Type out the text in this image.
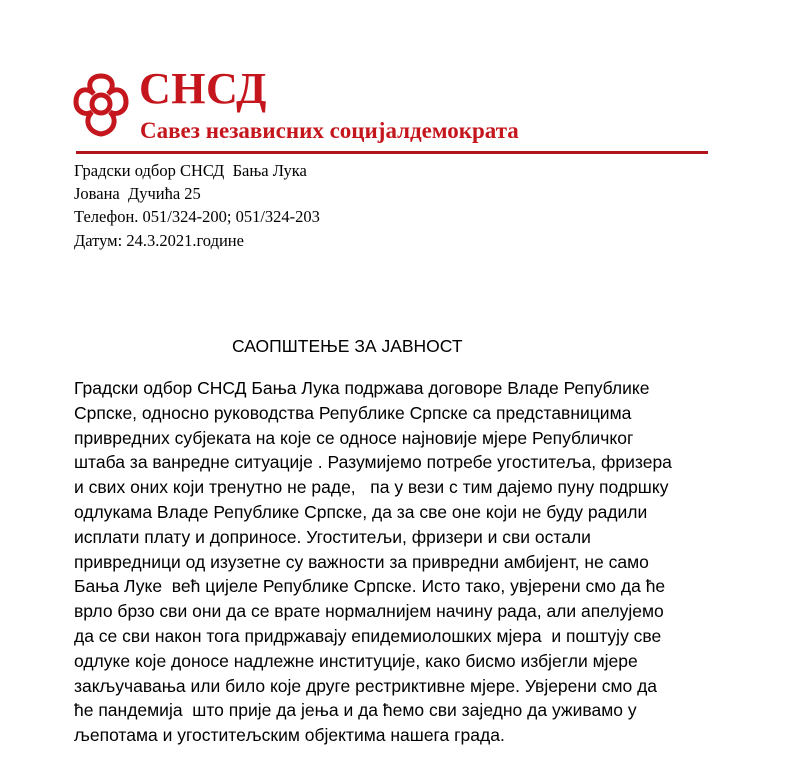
СНСД
Савез независних социјалдемократа
Градски одбор СНСД  Бања Лука
Јована  Дучића 25
Телефон. 051/324-200; 051/324-203
Датум: 24.3.2021.године
САОПШТЕЊЕ ЗА ЈАВНОСТ
Градски одбор СНСД Бања Лука подржава договоре Владе Републике
Српске, односно руководства Републике Српске са представницима
привредних субјеката на које се односе најновије мјере Републичког
штаба за ванредне ситуације . Разумијемо потребе угоститеља, фризера
и свих оних који тренутно не раде,   па у вези с тим дајемо пуну подршку
одлукама Владе Републике Српске, да за све оне који не буду радили
исплати плату и доприносе. Угоститељи, фризери и сви остали
привредници од изузетне су важности за привредни амбијент, не само
Бања Луке  већ цијеле Републике Српске. Исто тако, увјерени смо да ће
врло брзо сви они да се врате нормалнијем начину рада, али апелујемо
да се сви након тога придржавају епидемиолошких мјера  и поштују све
одлуке које доносе надлежне институције, како бисмо избјегли мјере
закључавања или било које друге рестриктивне мјере. Увјерени смо да
ће пандемија  што прије да јења и да ћемо сви заједно да уживамо у
љепотама и угоститељским објектима нашега града.
